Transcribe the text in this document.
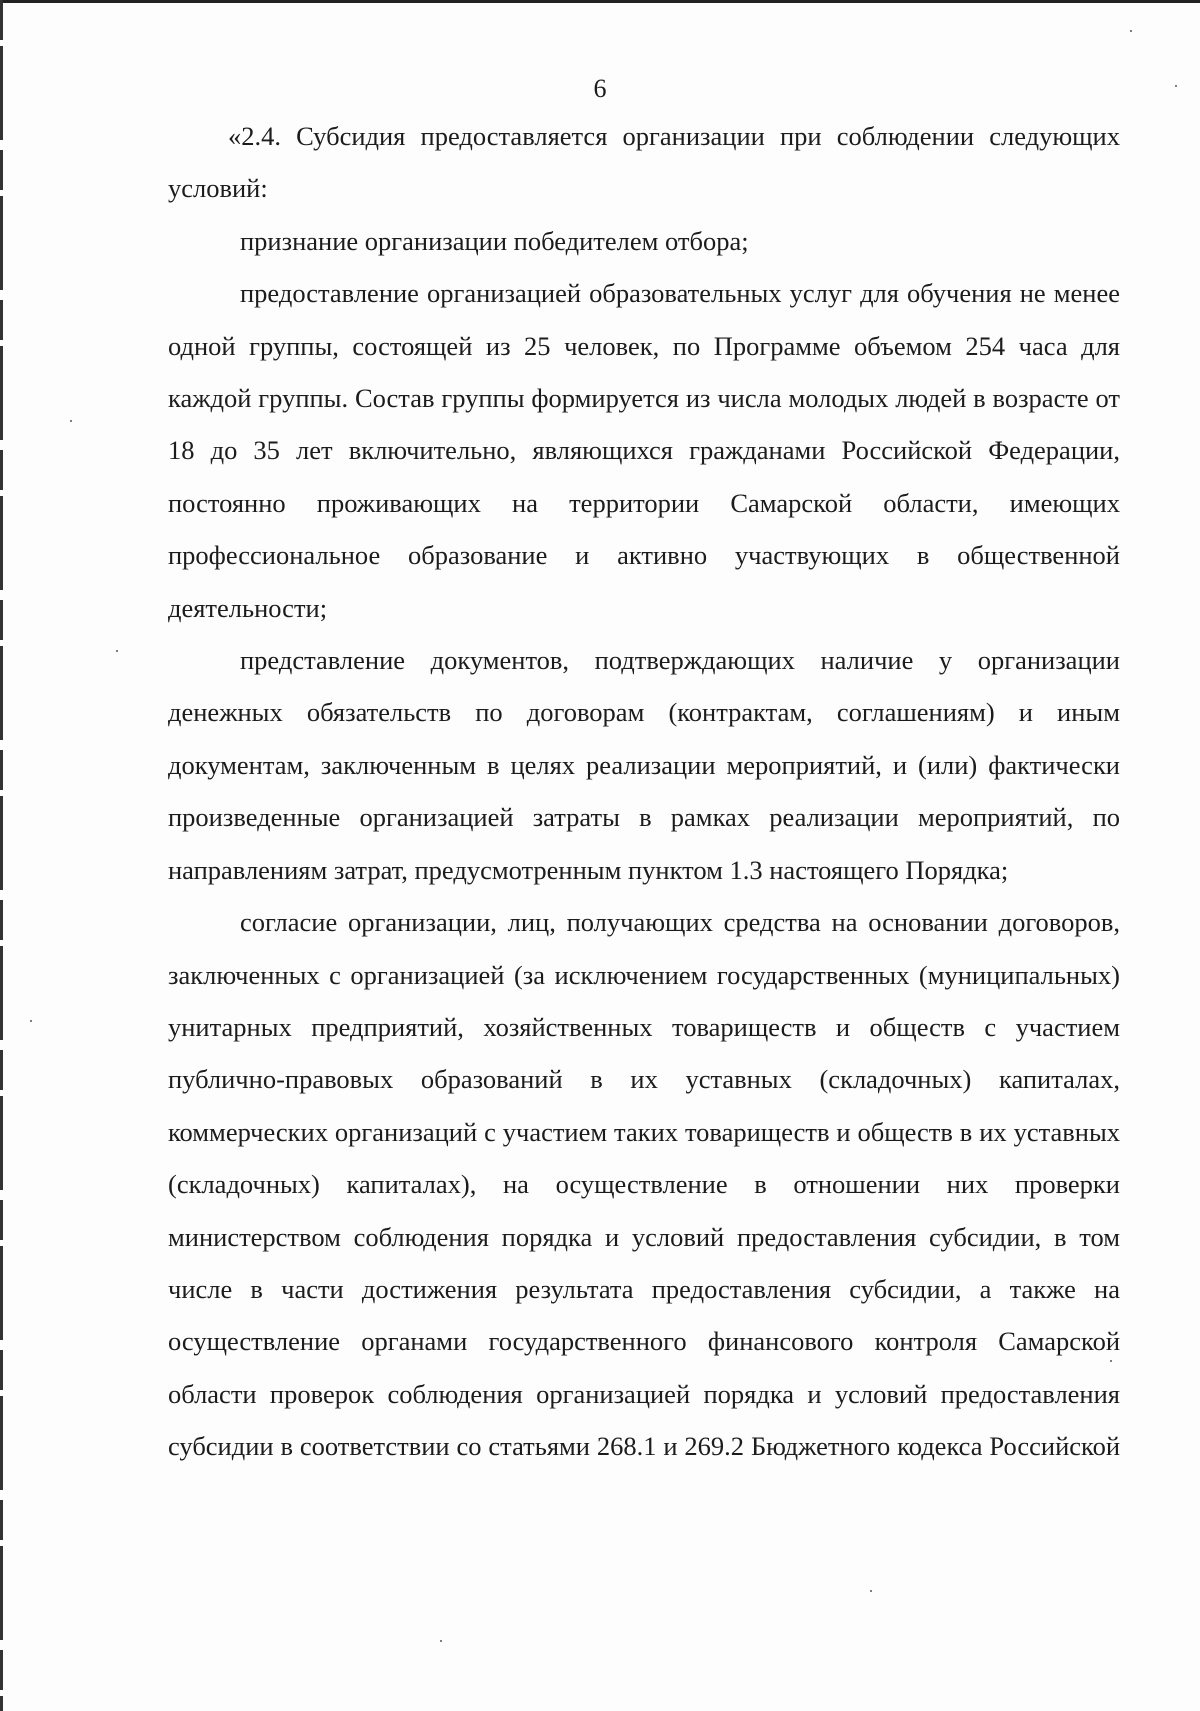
6

«2.4. Субсидия предоставляется организации при соблюдении следующих условий:

признание организации победителем отбора;

предоставление организацией образовательных услуг для обучения не менее одной группы, состоящей из 25 человек, по Программе объемом 254 часа для каждой группы. Состав группы формируется из числа молодых людей в возрасте от 18 до 35 лет включительно, являющихся гражданами Российской Федерации, постоянно проживающих на территории Самарской области, имеющих профессиональное образование и активно участвующих в общественной деятельности;

представление документов, подтверждающих наличие у организации денежных обязательств по договорам (контрактам, соглашениям) и иным документам, заключенным в целях реализации мероприятий, и (или) фактически произведенные организацией затраты в рамках реализации мероприятий, по направлениям затрат, предусмотренным пунктом 1.3 настоящего Порядка;

согласие организации, лиц, получающих средства на основании договоров, заключенных с организацией (за исключением государственных (муниципальных) унитарных предприятий, хозяйственных товариществ и обществ с участием публично-правовых образований в их уставных (складочных) капиталах, коммерческих организаций с участием таких товариществ и обществ в их уставных (складочных) капиталах), на осуществление в отношении них проверки министерством соблюдения порядка и условий предоставления субсидии, в том числе в части достижения результата предоставления субсидии, а также на осуществление органами государственного финансового контроля Самарской области проверок соблюдения организацией порядка и условий предоставления субсидии в соответствии со статьями 268.1 и 269.2 Бюджетного кодекса Российской
